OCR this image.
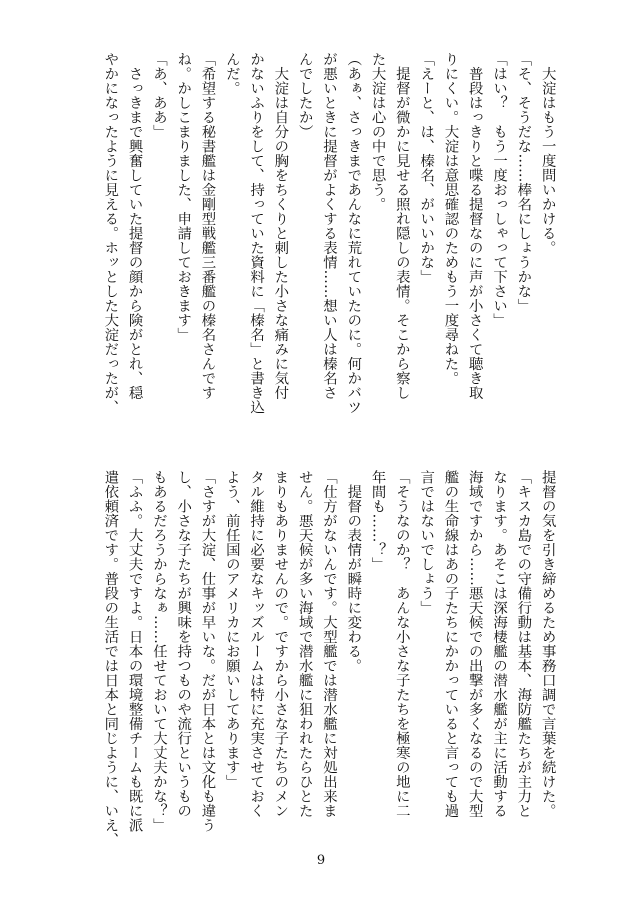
　大淀はもう一度問いかける。

「そ、そうだな……棒名にしょうかな」

「はい？　もう一度おっしゃって下さい」

　普段はっきりと喋る提督なのに声が小さくて聴き取

りにくい。大淀は意思確認のためもう一度尋ねた。

「えーと、は、榛名、がいいかな」

　提督が微かに見せる照れ隠しの表情。そこから察し

た大淀は心の中で思う。

（あぁ、さっきまであんなに荒れていたのに。何かバツ

が悪いときに提督がよくする表情……想い人は榛名さ

んでしたか）

　大淀は自分の胸をちくりと刺した小さな痛みに気付

かないふりをして、持っていた資料に「榛名」と書き込

んだ。

「希望する秘書艦は金剛型戦艦三番艦の榛名さんです

ね。かしこまりました、申請しておきます」

「あ、ああ」

　さっきまで興奮していた提督の顔から険がとれ、穏

やかになったように見える。ホッとした大淀だったが、

提督の気を引き締めるため事務口調で言葉を続けた。

「キスカ島での守備行動は基本、海防艦たちが主力と

なります。あそこは深海棲艦の潜水艦が主に活動する

海域ですから……悪天候での出撃が多くなるので大型

艦の生命線はあの子たちにかかっていると言っても過

言ではないでしょう」

「そうなのか？　あんな小さな子たちを極寒の地に二

年間も……？」

　提督の表情が瞬時に変わる。

「仕方がないんです。大型艦では潜水艦に対処出来ま

せん。悪天候が多い海域で潜水艦に狙われたらひとた

まりもありませんので。ですから小さな子たちのメン

タル維持に必要なキッズルームは特に充実させておく

よう、前任国のアメリカにお願いしてあります」

「さすが大淀、仕事が早いな。だが日本とは文化も違う

し、小さな子たちが興味を持つものや流行というもの

もあるだろうからなぁ……任せておいて大丈夫かな？」

「ふふ。大丈夫ですよ。日本の環境整備チームも既に派

遣依頼済です。普段の生活では日本と同じように、いえ、

9
